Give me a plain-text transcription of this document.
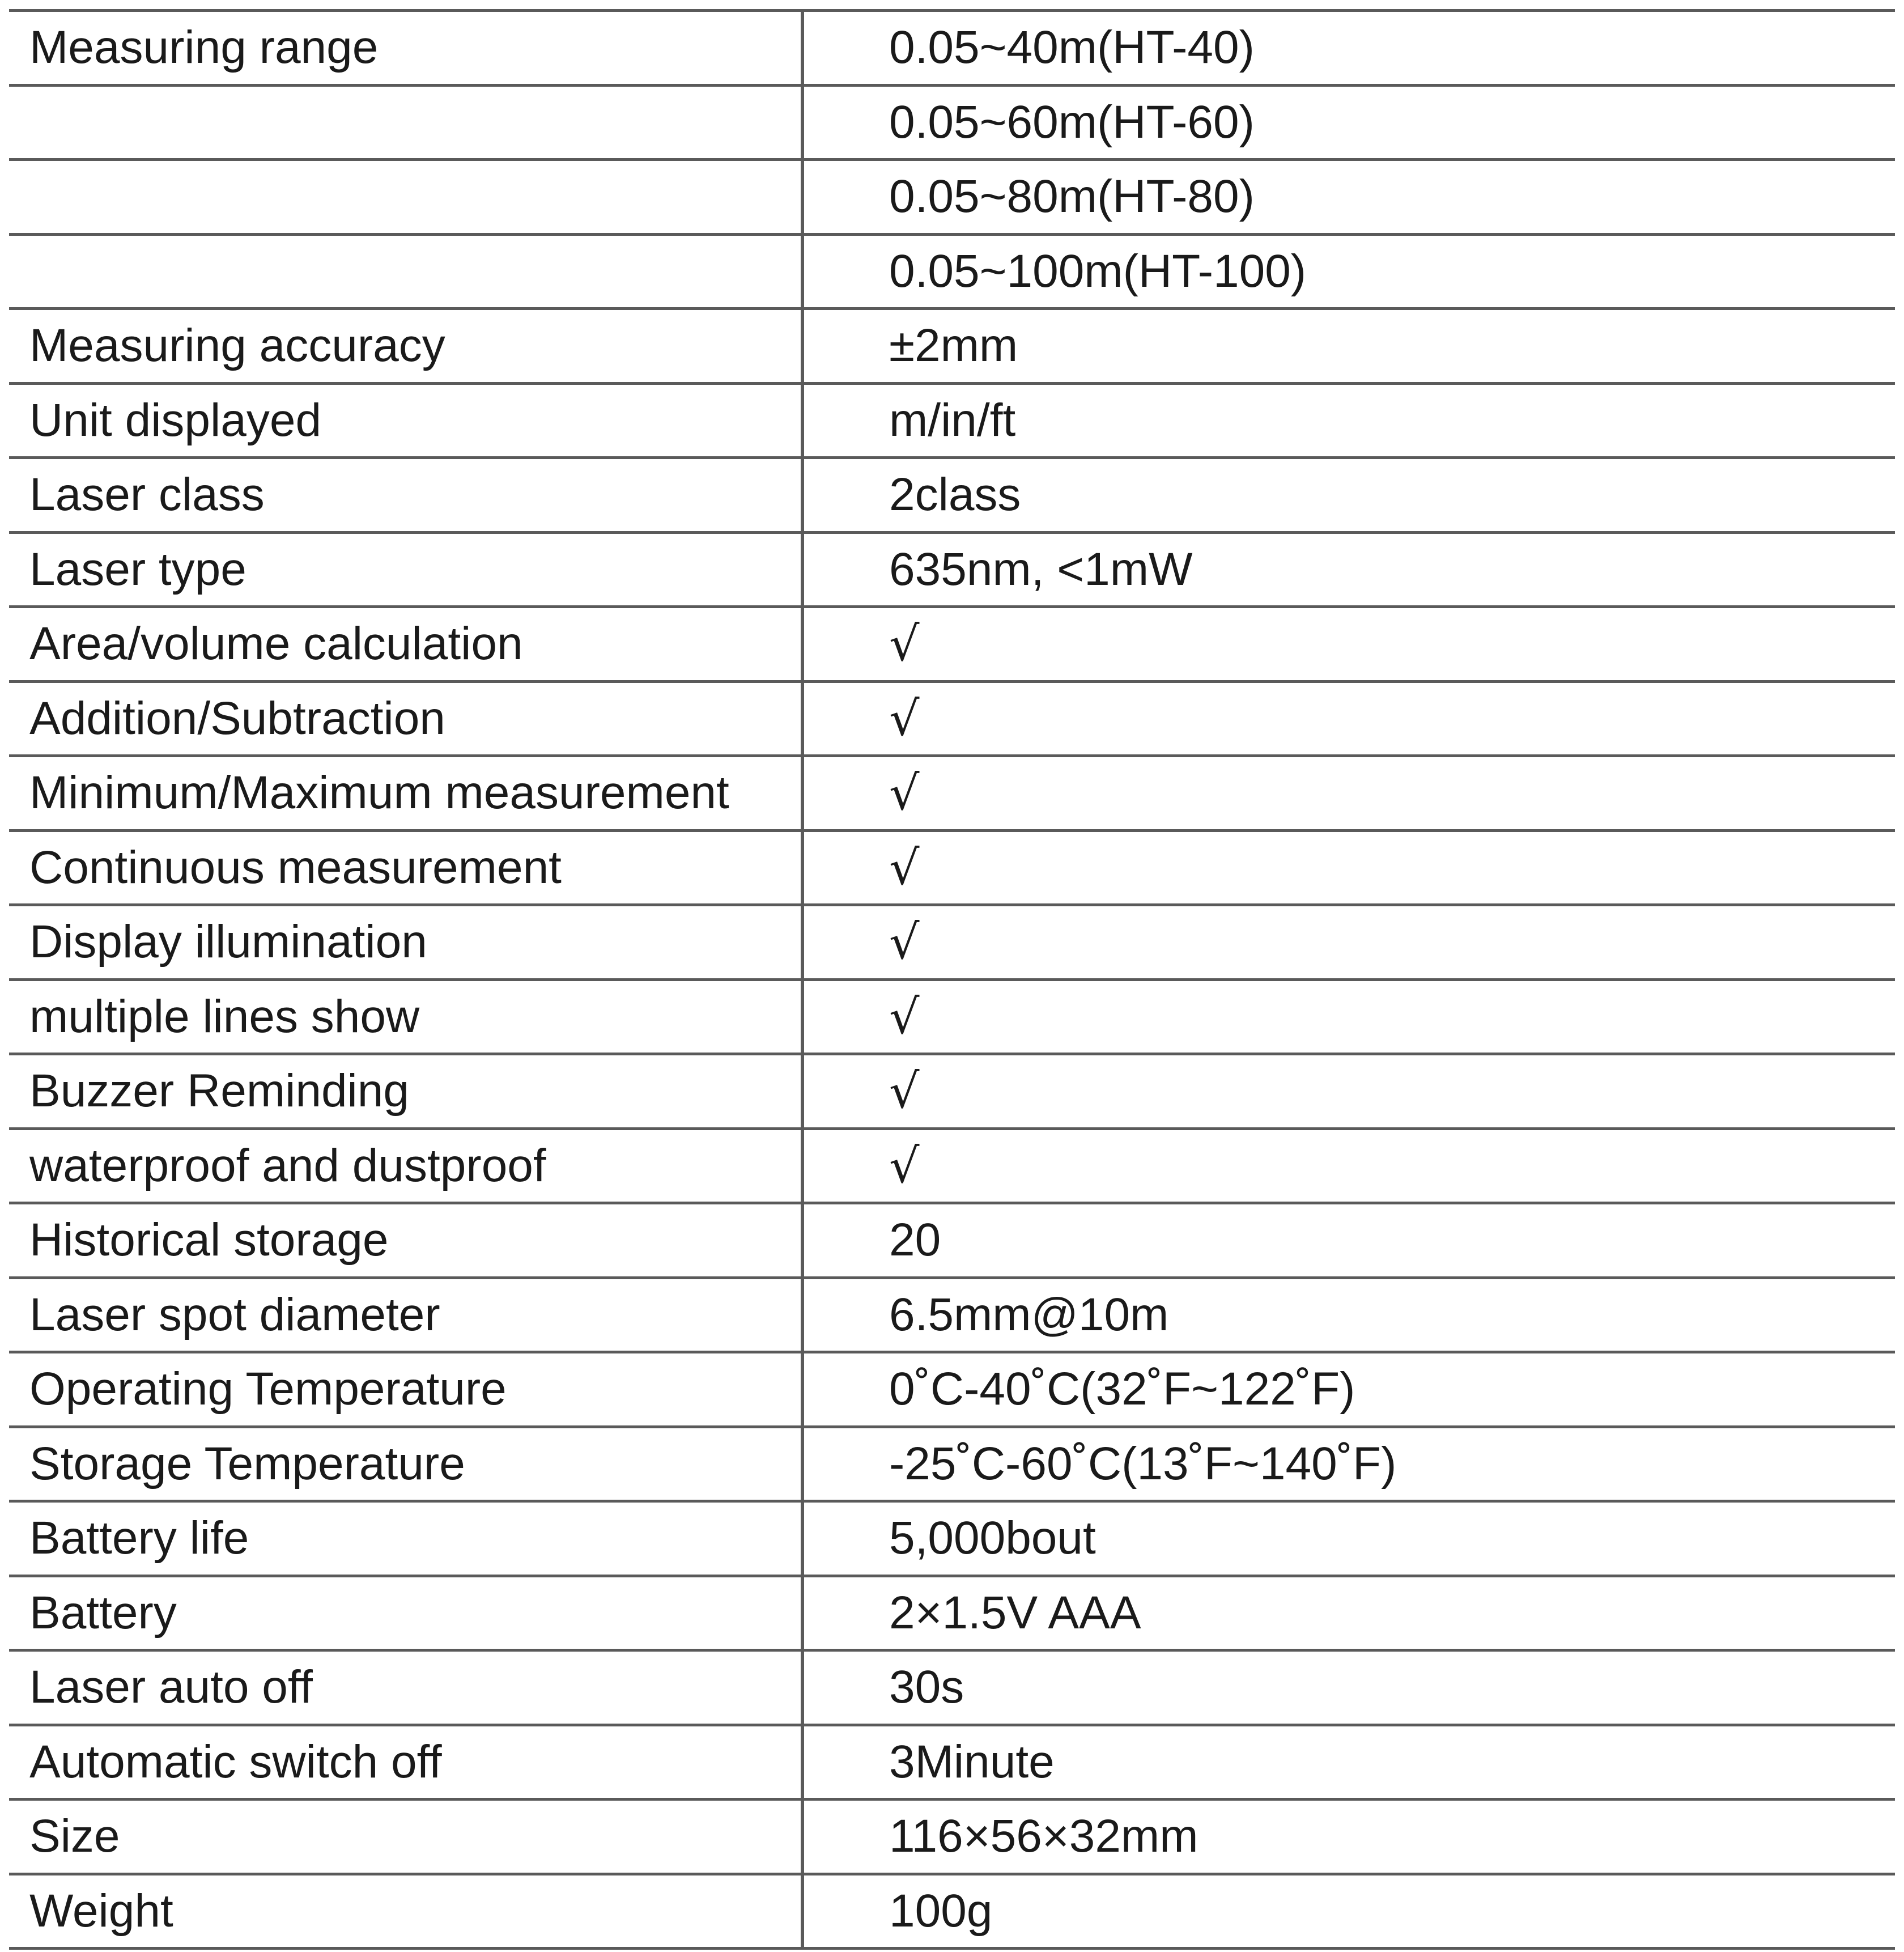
Measuring range	0.05~40m(HT-40)
	0.05~60m(HT-60)
	0.05~80m(HT-80)
	0.05~100m(HT-100)
Measuring accuracy	±2mm
Unit displayed	m/in/ft
Laser class	2class
Laser type	635nm, <1mW
Area/volume calculation	√
Addition/Subtraction	√
Minimum/Maximum measurement	√
Continuous measurement	√
Display illumination	√
multiple lines show	√
Buzzer Reminding	√
waterproof and dustproof	√
Historical storage	20
Laser spot diameter	6.5mm@10m
Operating Temperature	0˚C-40˚C(32˚F~122˚F)
Storage Temperature	-25˚C-60˚C(13˚F~140˚F)
Battery life	5,000bout
Battery	2×1.5V AAA
Laser auto off	30s
Automatic switch off	3Minute
Size	116×56×32mm
Weight	100g
